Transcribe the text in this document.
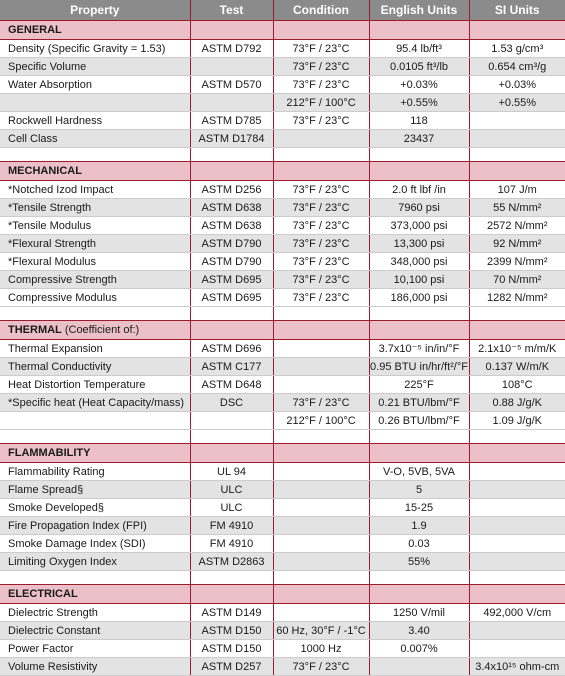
Property	Test	Condition	English Units	SI Units
GENERAL				
Density (Specific Gravity = 1.53)	ASTM D792	73°F / 23°C	95.4 lb/ft³	1.53 g/cm³
Specific Volume		73°F / 23°C	0.0105 ft³/lb	0.654 cm³/g
Water Absorption	ASTM D570	73°F / 23°C	+0.03%	+0.03%
		212°F / 100°C	+0.55%	+0.55%
Rockwell Hardness	ASTM D785	73°F / 23°C	118	
Cell Class	ASTM D1784		23437	

MECHANICAL				
*Notched Izod Impact	ASTM D256	73°F / 23°C	2.0 ft lbf /in	107 J/m
*Tensile Strength	ASTM D638	73°F / 23°C	7960 psi	55 N/mm²
*Tensile Modulus	ASTM D638	73°F / 23°C	373,000 psi	2572 N/mm²
*Flexural Strength	ASTM D790	73°F / 23°C	13,300 psi	92 N/mm²
*Flexural Modulus	ASTM D790	73°F / 23°C	348,000 psi	2399 N/mm²
Compressive Strength	ASTM D695	73°F / 23°C	10,100 psi	70 N/mm²
Compressive Modulus	ASTM D695	73°F / 23°C	186,000 psi	1282 N/mm²

THERMAL (Coefficient of:)				
Thermal Expansion	ASTM D696		3.7x10⁻⁵ in/in/°F	2.1x10⁻⁵ m/m/K
Thermal Conductivity	ASTM C177		0.95 BTU in/hr/ft²/°F	0.137 W/m/K
Heat Distortion Temperature	ASTM D648		225°F	108°C
*Specific heat (Heat Capacity/mass)	DSC	73°F / 23°C	0.21 BTU/lbm/°F	0.88 J/g/K
		212°F / 100°C	0.26 BTU/lbm/°F	1.09 J/g/K

FLAMMABILITY				
Flammability Rating	UL 94		V-O, 5VB, 5VA	
Flame Spread§	ULC		5	
Smoke Developed§	ULC		15-25	
Fire Propagation Index (FPI)	FM 4910		1.9	
Smoke Damage Index (SDI)	FM 4910		0.03	
Limiting Oxygen Index	ASTM D2863		55%	

ELECTRICAL				
Dielectric Strength	ASTM D149		1250 V/mil	492,000 V/cm
Dielectric Constant	ASTM D150	60 Hz, 30°F / -1°C	3.40	
Power Factor	ASTM D150	1000 Hz	0.007%	
Volume Resistivity	ASTM D257	73°F / 23°C		3.4x10¹⁵ ohm-cm
